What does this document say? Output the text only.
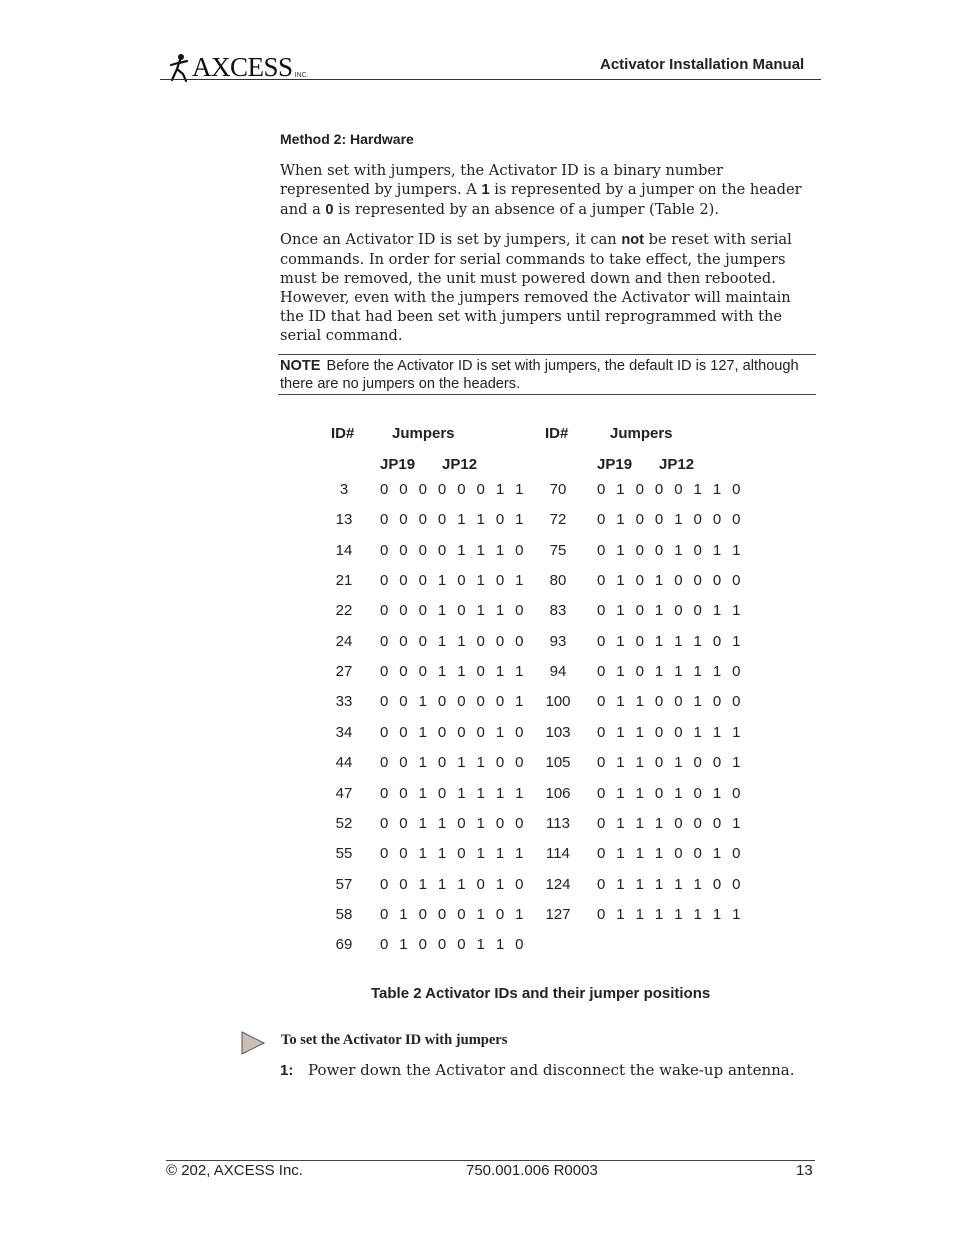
AXCESS INC.
Activator Installation Manual
Method 2: Hardware
When set with jumpers, the Activator ID is a binary number represented by jumpers. A 1 is represented by a jumper on the header and a 0 is represented by an absence of a jumper (Table 2).
Once an Activator ID is set by jumpers, it can not be reset with serial commands. In order for serial commands to take effect, the jumpers must be removed, the unit must powered down and then rebooted. However, even with the jumpers removed the Activator will maintain the ID that had been set with jumpers until reprogrammed with the serial command.
NOTE Before the Activator ID is set with jumpers, the default ID is 127, although there are no jumpers on the headers.
ID#	Jumpers	ID#	Jumpers
JP19 JP12	JP19 JP12
3	0 0 0 0 0 0 1 1
13	0 0 0 0 1 1 0 1
14	0 0 0 0 1 1 1 0
21	0 0 0 1 0 1 0 1
22	0 0 0 1 0 1 1 0
24	0 0 0 1 1 0 0 0
27	0 0 0 1 1 0 1 1
33	0 0 1 0 0 0 0 1
34	0 0 1 0 0 0 1 0
44	0 0 1 0 1 1 0 0
47	0 0 1 0 1 1 1 1
52	0 0 1 1 0 1 0 0
55	0 0 1 1 0 1 1 1
57	0 0 1 1 1 0 1 0
58	0 1 0 0 0 1 0 1
69	0 1 0 0 0 1 1 0
70	0 1 0 0 0 1 1 0
72	0 1 0 0 1 0 0 0
75	0 1 0 0 1 0 1 1
80	0 1 0 1 0 0 0 0
83	0 1 0 1 0 0 1 1
93	0 1 0 1 1 1 0 1
94	0 1 0 1 1 1 1 0
100	0 1 1 0 0 1 0 0
103	0 1 1 0 0 1 1 1
105	0 1 1 0 1 0 0 1
106	0 1 1 0 1 0 1 0
113	0 1 1 1 0 0 0 1
114	0 1 1 1 0 0 1 0
124	0 1 1 1 1 1 0 0
127	0 1 1 1 1 1 1 1
Table 2 Activator IDs and their jumper positions
To set the Activator ID with jumpers
1: Power down the Activator and disconnect the wake-up antenna.
© 202, AXCESS Inc.	750.001.006 R0003	13
